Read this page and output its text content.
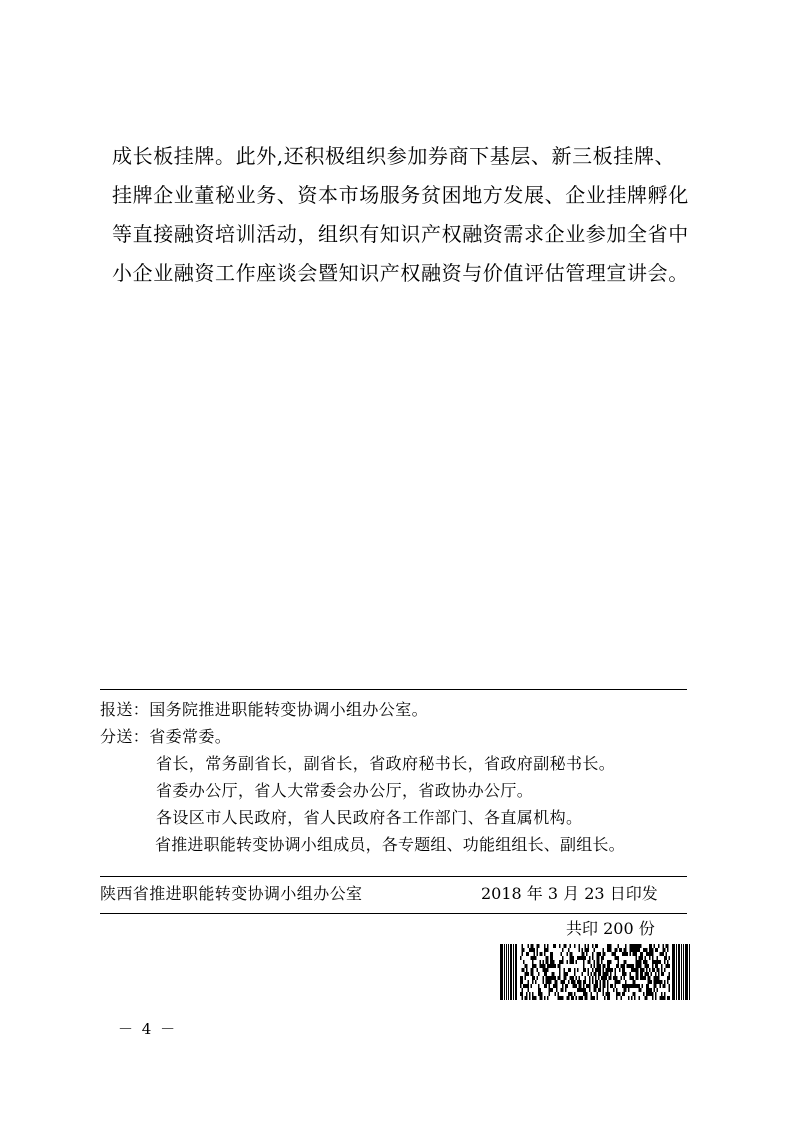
成长板挂牌。此外,还积极组织参加券商下基层、新三板挂牌、
挂牌企业董秘业务、资本市场服务贫困地方发展、企业挂牌孵化
等直接融资培训活动，组织有知识产权融资需求企业参加全省中
小企业融资工作座谈会暨知识产权融资与价值评估管理宣讲会。
报送：国务院推进职能转变协调小组办公室。
分送：省委常委。
省长，常务副省长，副省长，省政府秘书长，省政府副秘书长。
省委办公厅，省人大常委会办公厅，省政协办公厅。
各设区市人民政府，省人民政府各工作部门、各直属机构。
省推进职能转变协调小组成员，各专题组、功能组组长、副组长。
陕西省推进职能转变协调小组办公室	2018 年 3 月 23 日印发
共印 200 份
－ 4 －
